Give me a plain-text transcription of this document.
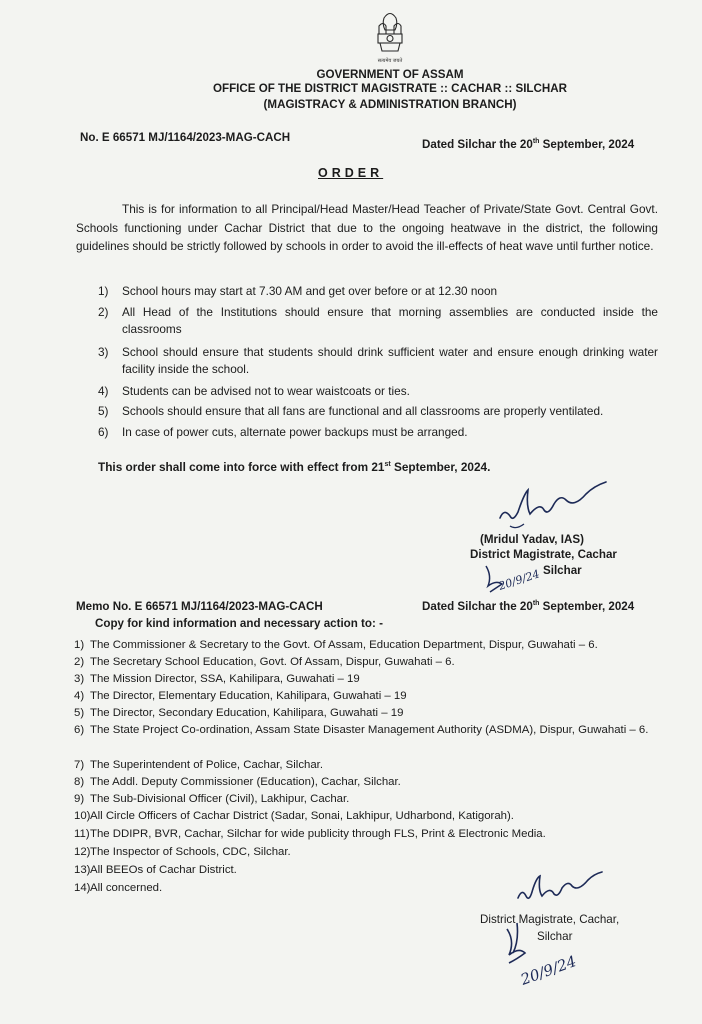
सत्यमेव जयते
GOVERNMENT OF ASSAM
OFFICE OF THE DISTRICT MAGISTRATE :: CACHAR :: SILCHAR
(MAGISTRACY & ADMINISTRATION BRANCH)
No. E 66571 MJ/1164/2023-MAG-CACH
Dated Silchar the 20th September, 2024
ORDER

This is for information to all Principal/Head Master/Head Teacher of Private/State Govt. Central Govt. Schools functioning under Cachar District that due to the ongoing heatwave in the district, the following guidelines should be strictly followed by schools in order to avoid the ill-effects of heat wave until further notice.

1) School hours may start at 7.30 AM and get over before or at 12.30 noon
2) All Head of the Institutions should ensure that morning assemblies are conducted inside the classrooms
3) School should ensure that students should drink sufficient water and ensure enough drinking water facility inside the school.
4) Students can be advised not to wear waistcoats or ties.
5) Schools should ensure that all fans are functional and all classrooms are properly ventilated.
6) In case of power cuts, alternate power backups must be arranged.
This order shall come into force with effect from 21st September, 2024.
(Mridul Yadav, IAS)
District Magistrate, Cachar
Silchar
20/9/24
Memo No. E 66571 MJ/1164/2023-MAG-CACH	Dated Silchar the 20th September, 2024
Copy for kind information and necessary action to: -
1) The Commissioner & Secretary to the Govt. Of Assam, Education Department, Dispur, Guwahati – 6.
2) The Secretary School Education, Govt. Of Assam, Dispur, Guwahati – 6.
3) The Mission Director, SSA, Kahilipara, Guwahati – 19
4) The Director, Elementary Education, Kahilipara, Guwahati – 19
5) The Director, Secondary Education, Kahilipara, Guwahati – 19
6) The State Project Co-ordination, Assam State Disaster Management Authority (ASDMA), Dispur, Guwahati – 6.
7) The Superintendent of Police, Cachar, Silchar.
8) The Addl. Deputy Commissioner (Education), Cachar, Silchar.
9) The Sub-Divisional Officer (Civil), Lakhipur, Cachar.
10) All Circle Officers of Cachar District (Sadar, Sonai, Lakhipur, Udharbond, Katigorah).
11) The DDIPR, BVR, Cachar, Silchar for wide publicity through FLS, Print & Electronic Media.
12) The Inspector of Schools, CDC, Silchar.
13) All BEEOs of Cachar District.
14) All concerned.
District Magistrate, Cachar,
Silchar
20/9/24
